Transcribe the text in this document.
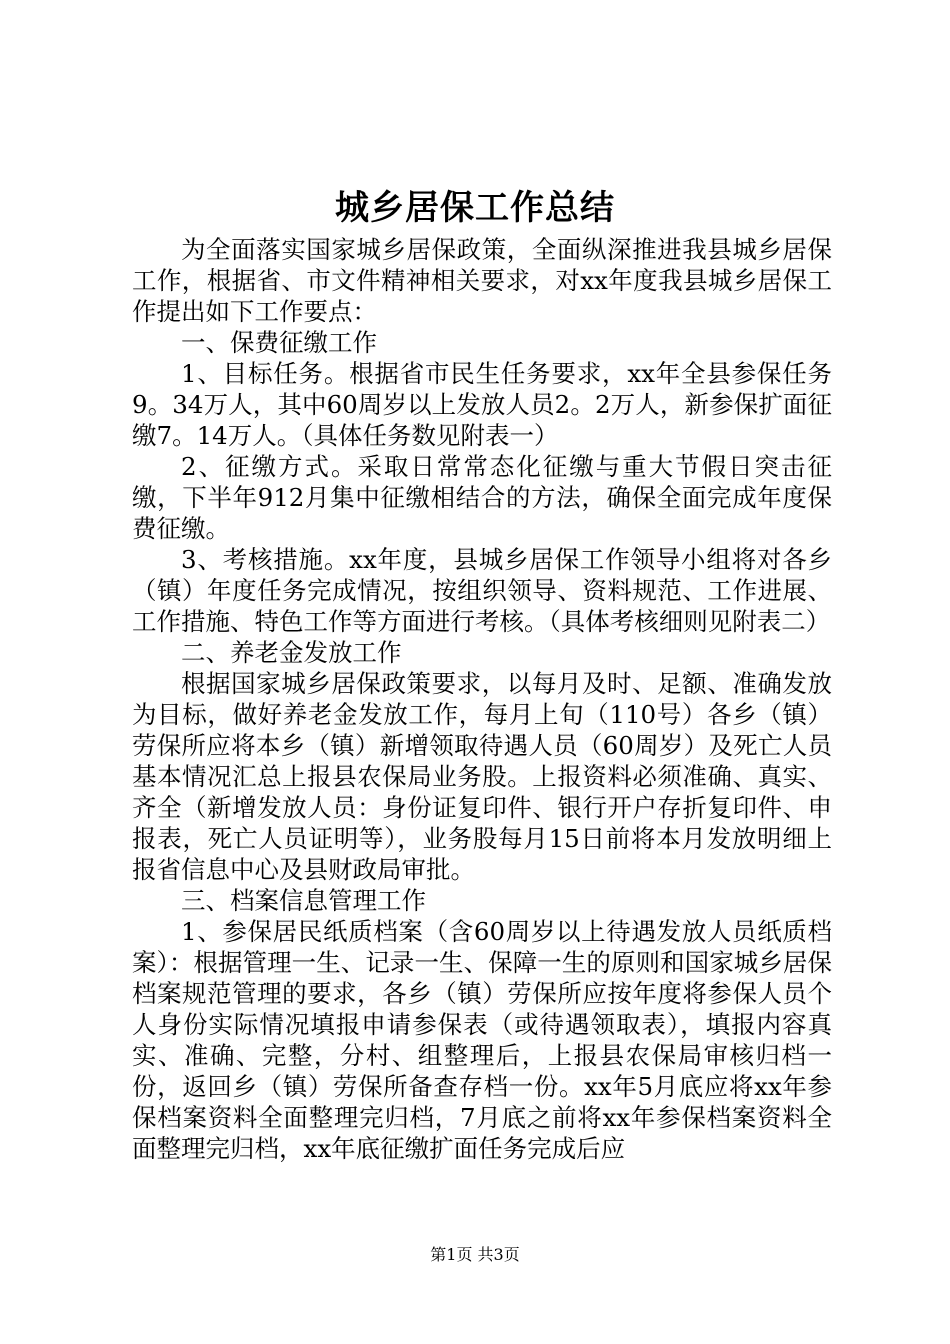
城乡居保工作总结

为全面落实国家城乡居保政策，全面纵深推进我县城乡居保工作，根据省、市文件精神相关要求，对xx年度我县城乡居保工作提出如下工作要点：

一、保费征缴工作

1、目标任务。根据省市民生任务要求，xx年全县参保任务9。34万人，其中60周岁以上发放人员2。2万人，新参保扩面征缴7。14万人。（具体任务数见附表一）

2、征缴方式。采取日常常态化征缴与重大节假日突击征缴，下半年912月集中征缴相结合的方法，确保全面完成年度保费征缴。

3、考核措施。xx年度，县城乡居保工作领导小组将对各乡（镇）年度任务完成情况，按组织领导、资料规范、工作进展、工作措施、特色工作等方面进行考核。（具体考核细则见附表二）

二、养老金发放工作

根据国家城乡居保政策要求，以每月及时、足额、准确发放为目标，做好养老金发放工作，每月上旬（110号）各乡（镇）劳保所应将本乡（镇）新增领取待遇人员（60周岁）及死亡人员基本情况汇总上报县农保局业务股。上报资料必须准确、真实、齐全（新增发放人员：身份证复印件、银行开户存折复印件、申报表，死亡人员证明等），业务股每月15日前将本月发放明细上报省信息中心及县财政局审批。

三、档案信息管理工作

1、参保居民纸质档案（含60周岁以上待遇发放人员纸质档案）：根据管理一生、记录一生、保障一生的原则和国家城乡居保档案规范管理的要求，各乡（镇）劳保所应按年度将参保人员个人身份实际情况填报申请参保表（或待遇领取表），填报内容真实、准确、完整，分村、组整理后，上报县农保局审核归档一份，返回乡（镇）劳保所备查存档一份。xx年5月底应将xx年参保档案资料全面整理完归档，7月底之前将xx年参保档案资料全面整理完归档，xx年底征缴扩面任务完成后应

第1页 共3页
